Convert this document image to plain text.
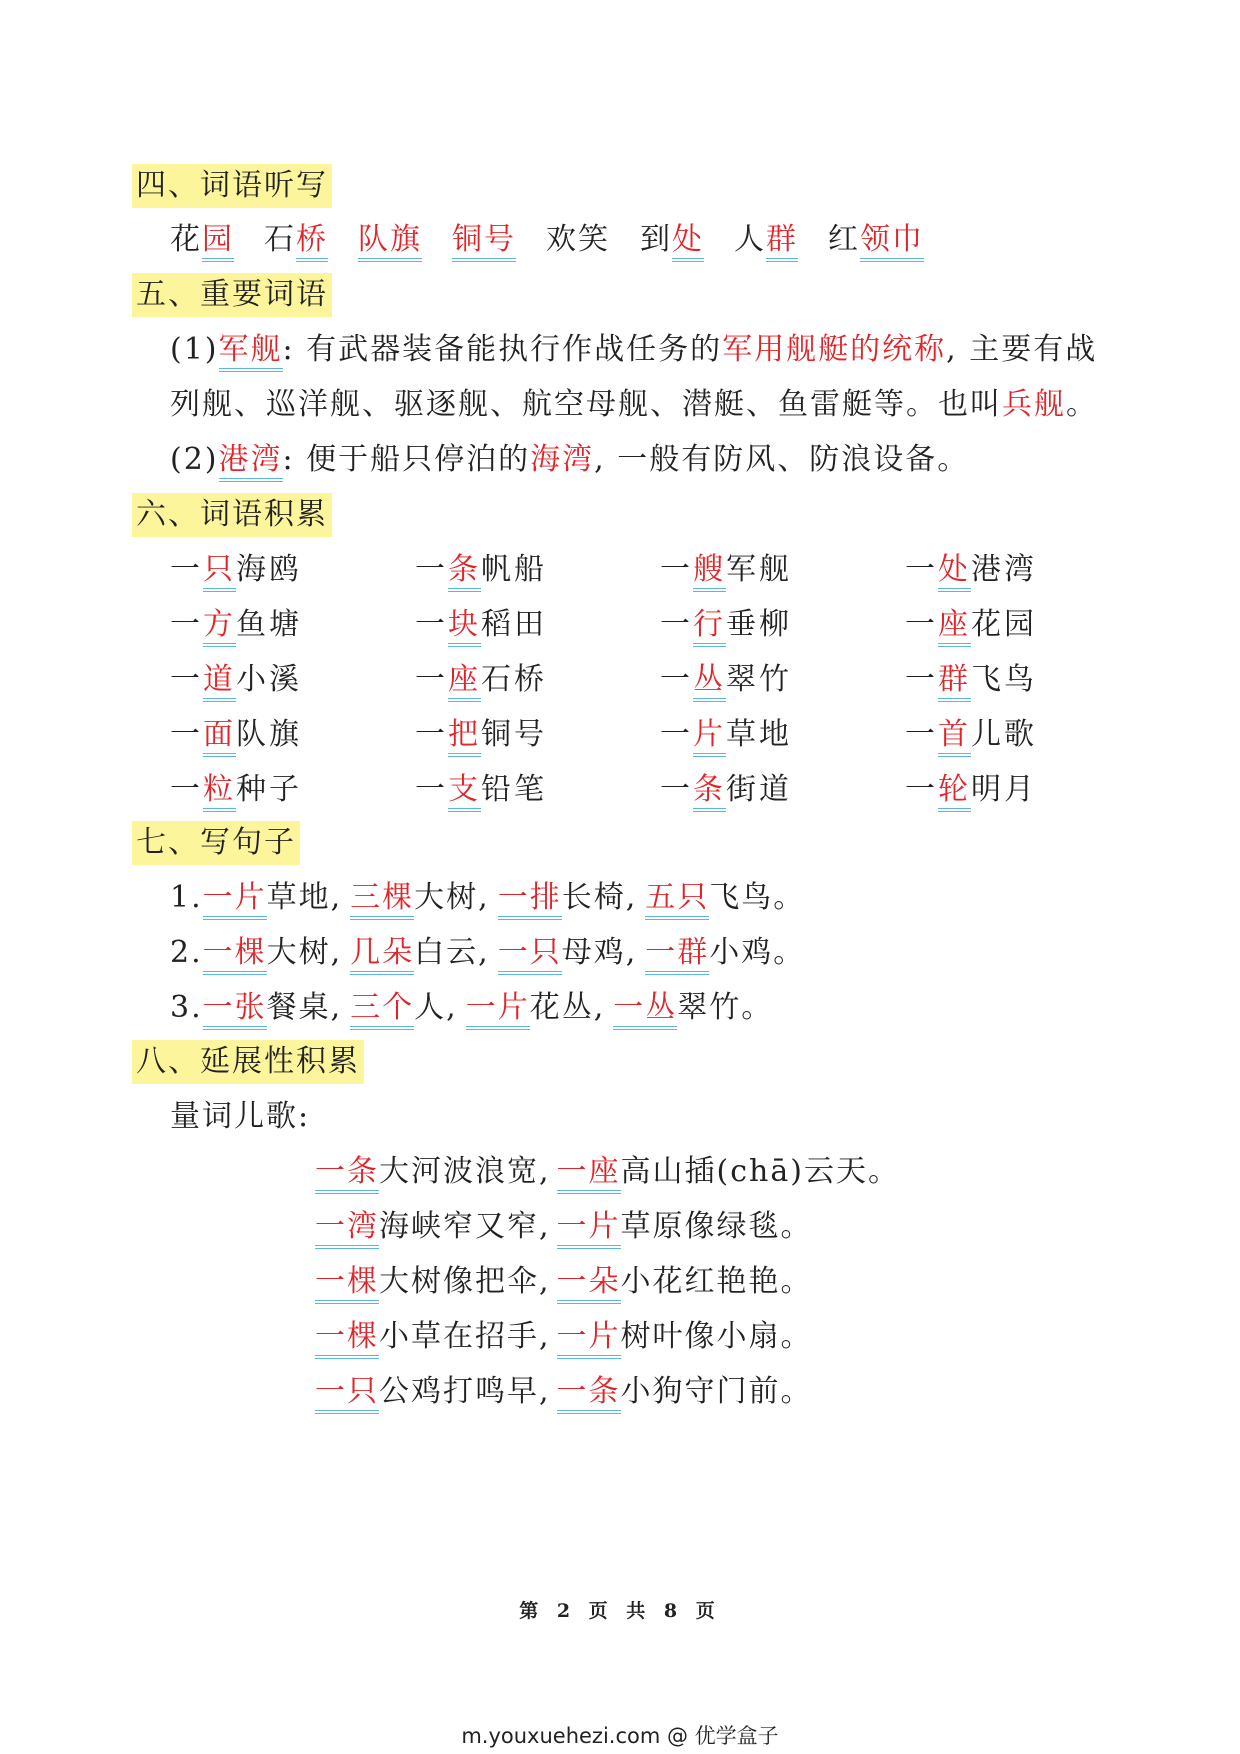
四、词语听写
花园 石桥 队旗 铜号 欢笑 到处 人群 红领巾
五、重要词语
(1)军舰: 有武器装备能执行作战任务的军用舰艇的统称, 主要有战
列舰、巡洋舰、驱逐舰、航空母舰、潜艇、鱼雷艇等。也叫兵舰。
(2)港湾: 便于船只停泊的海湾, 一般有防风、防浪设备。
六、词语积累
一只海鸥	一条帆船	一艘军舰	一处港湾
一方鱼塘	一块稻田	一行垂柳	一座花园
一道小溪	一座石桥	一丛翠竹	一群飞鸟
一面队旗	一把铜号	一片草地	一首儿歌
一粒种子	一支铅笔	一条街道	一轮明月
七、写句子
1.一片草地, 三棵大树, 一排长椅, 五只飞鸟。
2.一棵大树, 几朵白云, 一只母鸡, 一群小鸡。
3.一张餐桌, 三个人, 一片花丛, 一丛翠竹。
八、延展性积累
量词儿歌:
一条大河波浪宽, 一座高山插(chā)云天。
一湾海峡窄又窄, 一片草原像绿毯。
一棵大树像把伞, 一朵小花红艳艳。
一棵小草在招手, 一片树叶像小扇。
一只公鸡打鸣早, 一条小狗守门前。
第 2 页 共 8 页
m.youxuehezi.com @ 优学盒子
